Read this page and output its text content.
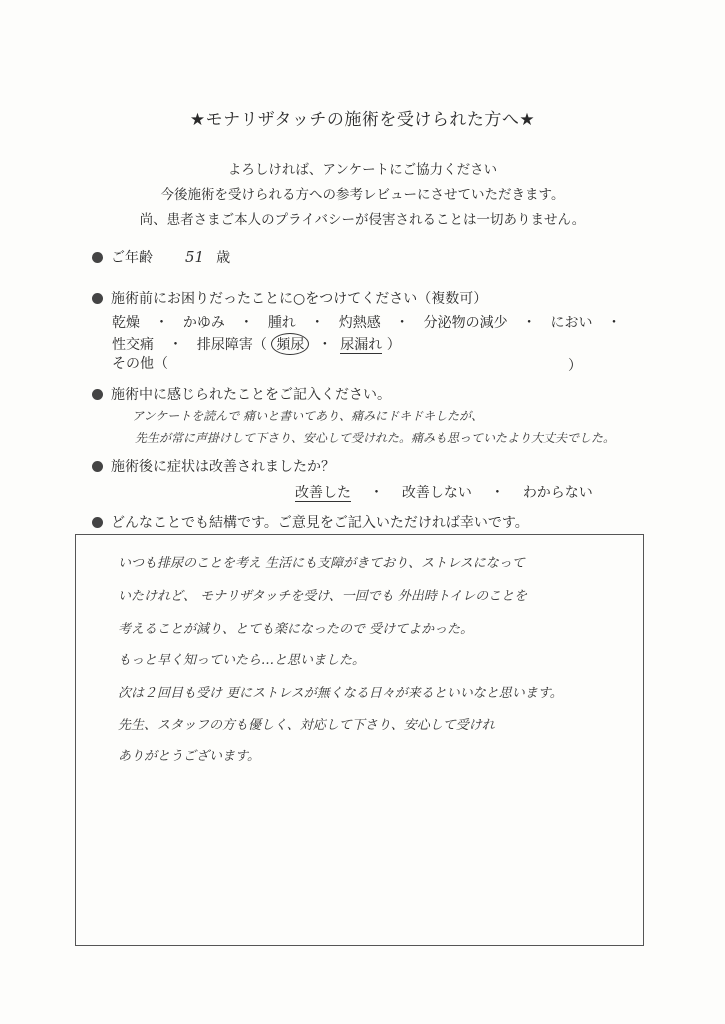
★モナリザタッチの施術を受けられた方へ★
よろしければ、アンケートにご協力ください
今後施術を受けられる方への参考レビューにさせていただきます。
尚、患者さまご本人のプライバシーが侵害されることは一切ありません。
ご年齢 51 歳
施術前にお困りだったことに○をつけてください（複数可）
乾燥 ・ かゆみ ・ 腫れ ・ 灼熱感 ・ 分泌物の減少 ・ におい ・
性交痛 ・ 排尿障害（ 頻尿 ・ 尿漏れ ）
その他（	）
施術中に感じられたことをご記入ください。
アンケートを読んで 痛いと書いてあり、痛みにドキドキしたが、
先生が常に声掛けして下さり、安心して受けれた。痛みも思っていたより大丈夫でした。
施術後に症状は改善されましたか？
改善した ・ 改善しない ・ わからない
どんなことでも結構です。ご意見をご記入いただければ幸いです。
いつも排尿のことを考え 生活にも支障がきており、ストレスになって
いたけれど、 モナリザタッチを受け、一回でも 外出時トイレのことを
考えることが減り、とても楽になったので 受けてよかった。
もっと早く知っていたら…と思いました。
次は２回目も受け 更にストレスが無くなる日々が来るといいなと思います。
先生、スタッフの方も優しく、対応して下さり、安心して受けれ
ありがとうございます。
